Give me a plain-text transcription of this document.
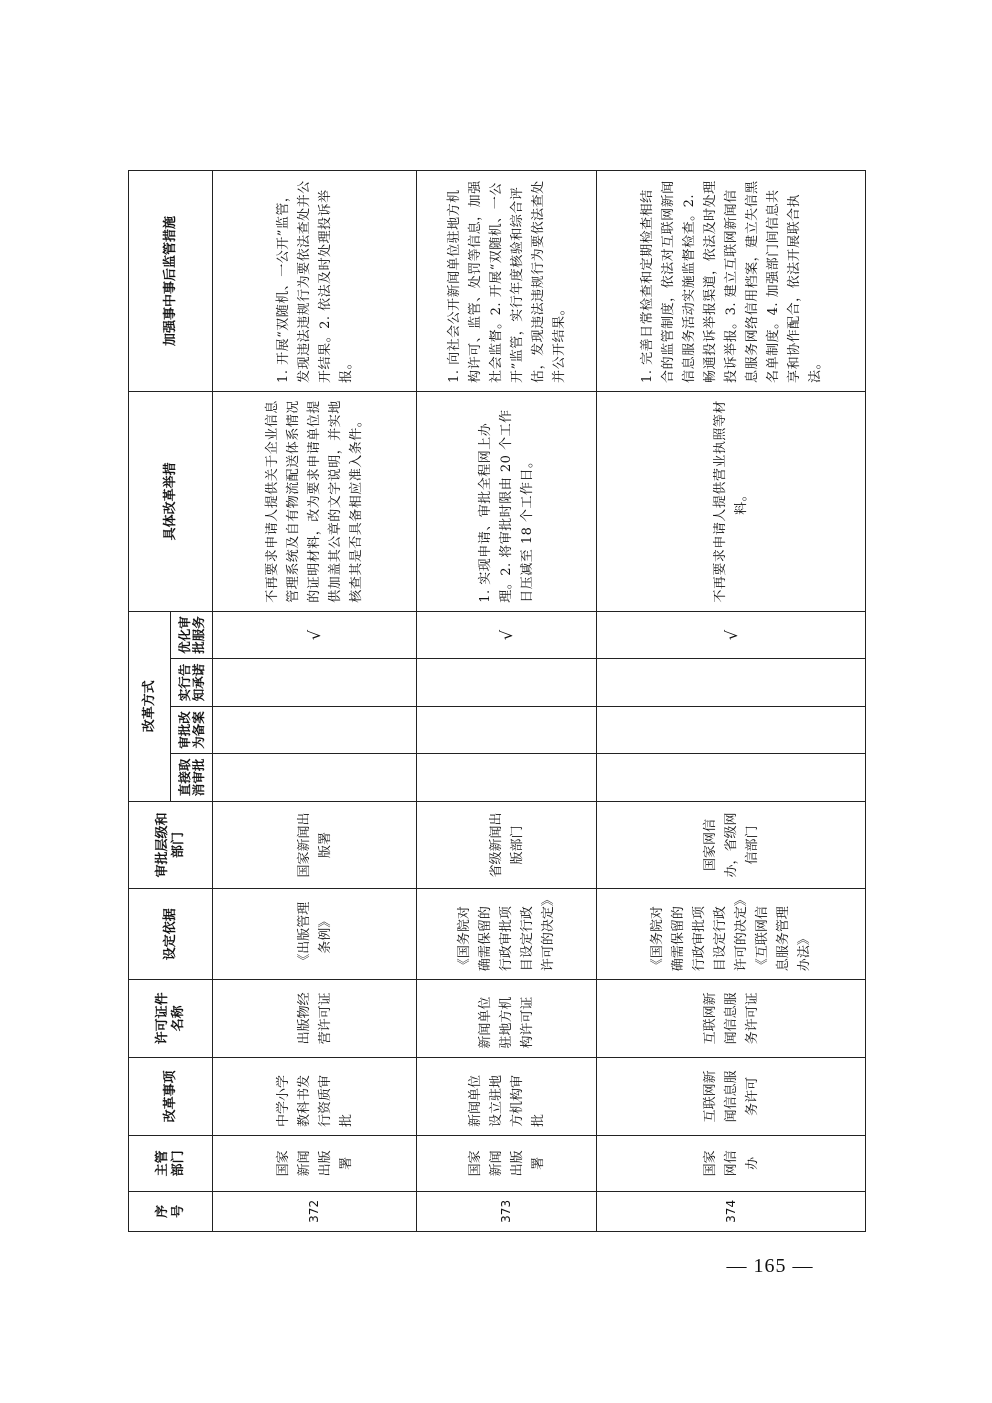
序号	主管部门	改革事项	许可证件名称	设定依据	审批层级和部门	改革方式				具体改革举措	加强事中事后监管措施
						直接取消审批	审批改为备案	实行告知承诺	优化审批服务		
372	国家新闻出版署	中学小学教科书发行资质审批	出版物经营许可证	《出版管理条例》	国家新闻出版署				√	不再要求申请人提供关于企业信息管理系统及自有物流配送体系情况的证明材料，改为要求申请单位提供加盖其公章的文字说明，并实地核查其是否具备相应准入条件。	1. 开展“双随机、一公开”监管，发现违法违规行为要依法查处并公开结果。2. 依法及时处理投诉举报。
373	国家新闻出版署	新闻单位设立驻地方机构审批	新闻单位驻地方机构许可证	《国务院对确需保留的行政审批项目设定行政许可的决定》	省级新闻出版部门				√	1. 实现申请、审批全程网上办理。2. 将审批时限由 20 个工作日压减至 18 个工作日。	1. 向社会公开新闻单位驻地方机构许可、监管、处罚等信息，加强社会监督。2. 开展“双随机、一公开”监管，实行年度核验和综合评估，发现违法违规行为要依法查处并公开结果。
374	国家网信办	互联网新闻信息服务许可	互联网新闻信息服务许可证	《国务院对确需保留的行政审批项目设定行政许可的决定》《互联网信息服务管理办法》	国家网信办，省级网信部门				√	不再要求申请人提供营业执照等材料。	1. 完善日常检查和定期检查相结合的监管制度，依法对互联网新闻信息服务活动实施监督检查。2. 畅通投诉举报渠道，依法及时处理投诉举报。3. 建立互联网新闻信息服务网络信用档案，建立失信黑名单制度。4. 加强部门间信息共享和协作配合，依法开展联合执法。
— 165 —
